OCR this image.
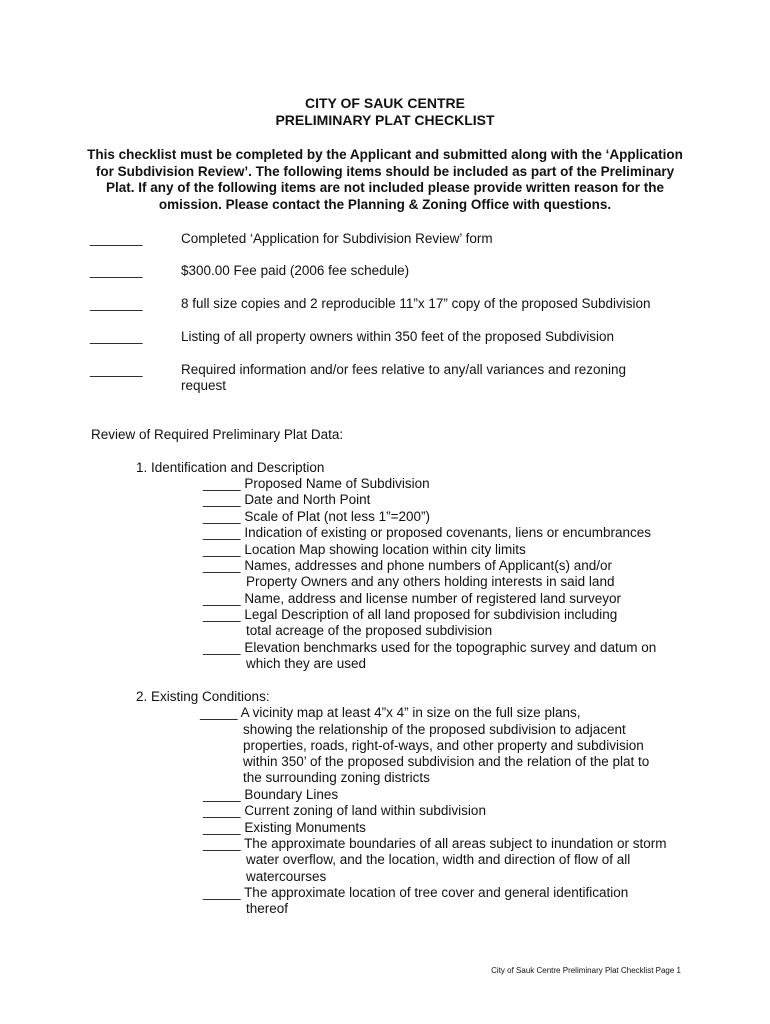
CITY OF SAUK CENTRE
PRELIMINARY PLAT CHECKLIST
This checklist must be completed by the Applicant and submitted along with the ‘Application for Subdivision Review’. The following items should be included as part of the Preliminary Plat. If any of the following items are not included please provide written reason for the omission. Please contact the Planning & Zoning Office with questions.
_______	Completed ‘Application for Subdivision Review’ form
_______	$300.00 Fee paid (2006 fee schedule)
_______	8 full size copies and 2 reproducible 11”x 17” copy of the proposed Subdivision
_______	Listing of all property owners within 350 feet of the proposed Subdivision
_______	Required information and/or fees relative to any/all variances and rezoning
request
Review of Required Preliminary Plat Data:
1. Identification and Description
_____ Proposed Name of Subdivision
_____ Date and North Point
_____ Scale of Plat (not less 1”=200”)
_____ Indication of existing or proposed covenants, liens or encumbrances
_____ Location Map showing location within city limits
_____ Names, addresses and phone numbers of Applicant(s) and/or
Property Owners and any others holding interests in said land
_____ Name, address and license number of registered land surveyor
_____ Legal Description of all land proposed for subdivision including
total acreage of the proposed subdivision
_____ Elevation benchmarks used for the topographic survey and datum on
which they are used
2. Existing Conditions:
_____ A vicinity map at least 4”x 4” in size on the full size plans,
showing the relationship of the proposed subdivision to adjacent
properties, roads, right-of-ways, and other property and subdivision
within 350’ of the proposed subdivision and the relation of the plat to
the surrounding zoning districts
_____ Boundary Lines
_____ Current zoning of land within subdivision
_____ Existing Monuments
_____ The approximate boundaries of all areas subject to inundation or storm
water overflow, and the location, width and direction of flow of all
watercourses
_____ The approximate location of tree cover and general identification
thereof
City of Sauk Centre Preliminary Plat Checklist Page 1
